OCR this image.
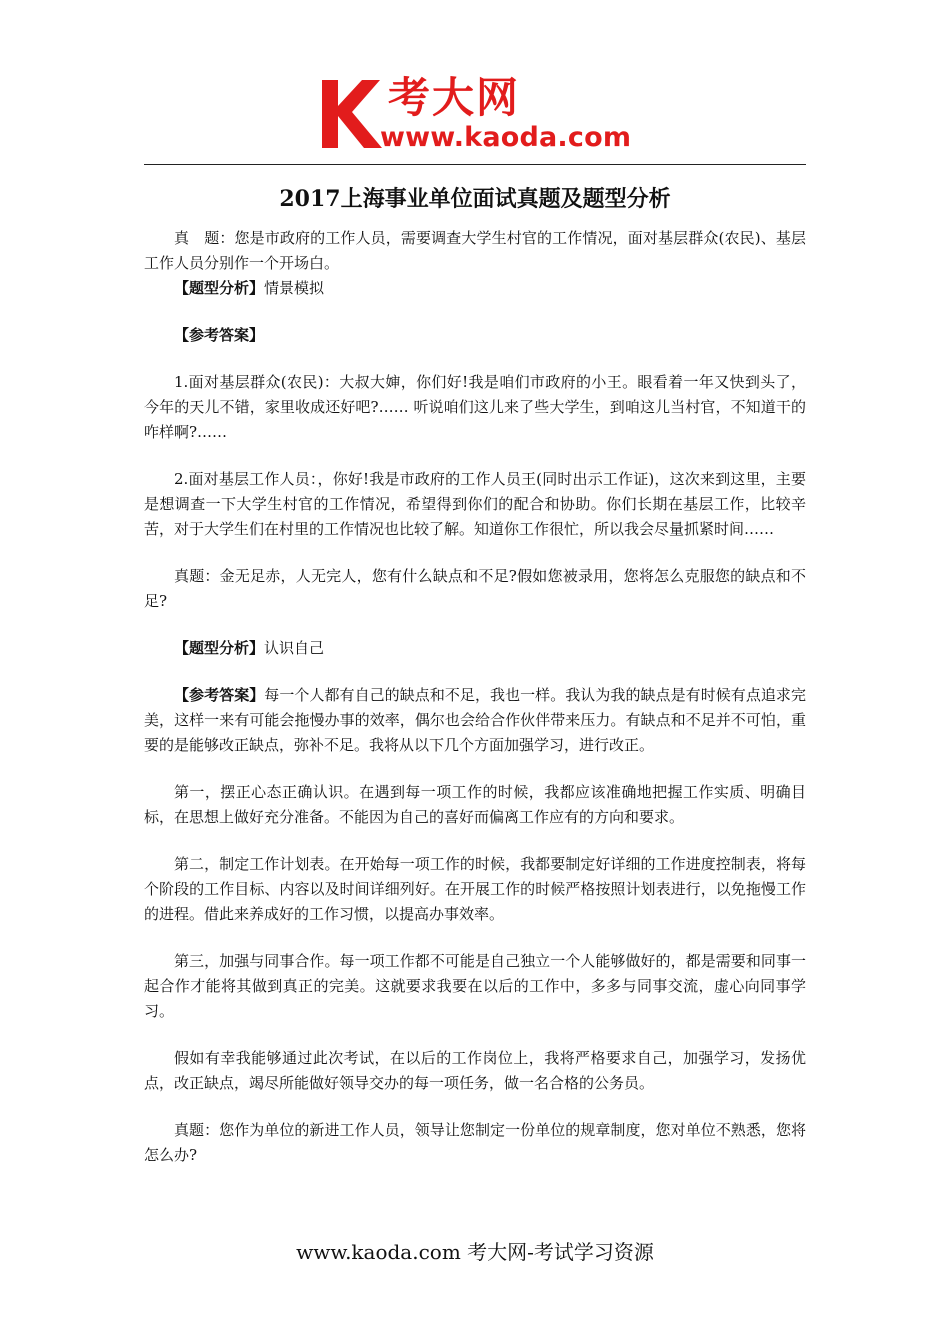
考大网
www.kaoda.com
2017上海事业单位面试真题及题型分析

真　题：您是市政府的工作人员，需要调查大学生村官的工作情况，面对基层群众(农民)、基层工作人员分别作一个开场白。

【题型分析】情景模拟

【参考答案】

1.面对基层群众(农民)：大叔大婶，你们好!我是咱们市政府的小王。眼看着一年又快到头了，今年的天儿不错，家里收成还好吧?…… 听说咱们这儿来了些大学生，到咱这儿当村官，不知道干的咋样啊?……

2.面对基层工作人员：，你好!我是市政府的工作人员王(同时出示工作证)，这次来到这里，主要是想调查一下大学生村官的工作情况，希望得到你们的配合和协助。你们长期在基层工作，比较辛苦，对于大学生们在村里的工作情况也比较了解。知道你工作很忙，所以我会尽量抓紧时间……

真题：金无足赤，人无完人，您有什么缺点和不足?假如您被录用，您将怎么克服您的缺点和不足?

【题型分析】认识自己

【参考答案】每一个人都有自己的缺点和不足，我也一样。我认为我的缺点是有时候有点追求完美，这样一来有可能会拖慢办事的效率，偶尔也会给合作伙伴带来压力。有缺点和不足并不可怕，重要的是能够改正缺点，弥补不足。我将从以下几个方面加强学习，进行改正。

第一，摆正心态正确认识。在遇到每一项工作的时候，我都应该准确地把握工作实质、明确目标，在思想上做好充分准备。不能因为自己的喜好而偏离工作应有的方向和要求。

第二，制定工作计划表。在开始每一项工作的时候，我都要制定好详细的工作进度控制表，将每个阶段的工作目标、内容以及时间详细列好。在开展工作的时候严格按照计划表进行，以免拖慢工作的进程。借此来养成好的工作习惯，以提高办事效率。

第三，加强与同事合作。每一项工作都不可能是自己独立一个人能够做好的，都是需要和同事一起合作才能将其做到真正的完美。这就要求我要在以后的工作中，多多与同事交流，虚心向同事学习。

假如有幸我能够通过此次考试，在以后的工作岗位上，我将严格要求自己，加强学习，发扬优点，改正缺点，竭尽所能做好领导交办的每一项任务，做一名合格的公务员。

真题：您作为单位的新进工作人员，领导让您制定一份单位的规章制度，您对单位不熟悉，您将怎么办?

www.kaoda.com 考大网-考试学习资源
